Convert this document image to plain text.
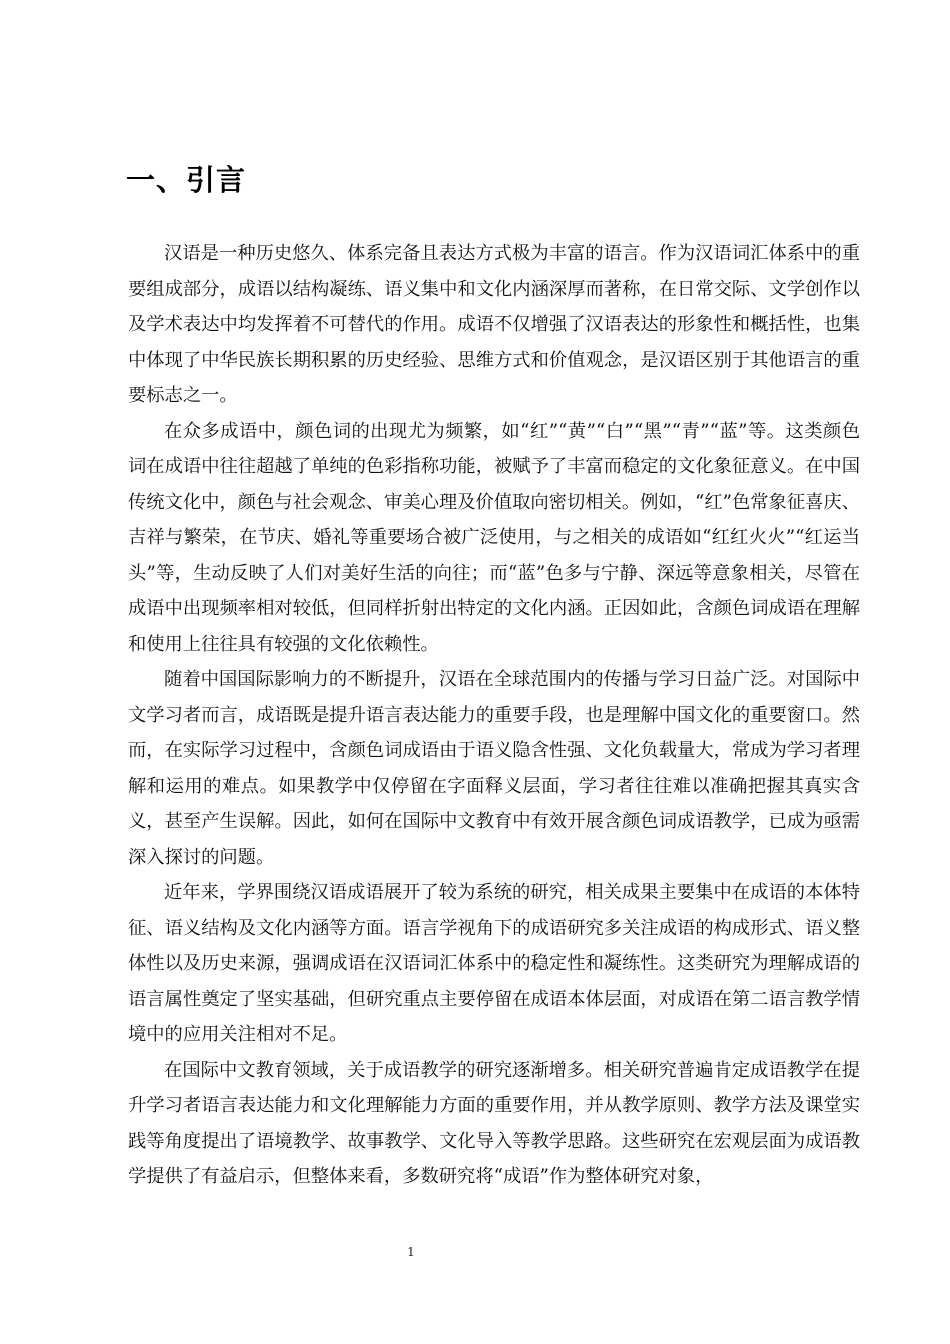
一、引言

汉语是一种历史悠久、体系完备且表达方式极为丰富的语言。作为汉语词汇体系中的重要组成部分，成语以结构凝练、语义集中和文化内涵深厚而著称，在日常交际、文学创作以及学术表达中均发挥着不可替代的作用。成语不仅增强了汉语表达的形象性和概括性，也集中体现了中华民族长期积累的历史经验、思维方式和价值观念，是汉语区别于其他语言的重要标志之一。

在众多成语中，颜色词的出现尤为频繁，如“红”“黄”“白”“黑”“青”“蓝”等。这类颜色词在成语中往往超越了单纯的色彩指称功能，被赋予了丰富而稳定的文化象征意义。在中国传统文化中，颜色与社会观念、审美心理及价值取向密切相关。例如，“红”色常象征喜庆、吉祥与繁荣，在节庆、婚礼等重要场合被广泛使用，与之相关的成语如“红红火火”“红运当头”等，生动反映了人们对美好生活的向往；而“蓝”色多与宁静、深远等意象相关，尽管在成语中出现频率相对较低，但同样折射出特定的文化内涵。正因如此，含颜色词成语在理解和使用上往往具有较强的文化依赖性。

随着中国国际影响力的不断提升，汉语在全球范围内的传播与学习日益广泛。对国际中文学习者而言，成语既是提升语言表达能力的重要手段，也是理解中国文化的重要窗口。然而，在实际学习过程中，含颜色词成语由于语义隐含性强、文化负载量大，常成为学习者理解和运用的难点。如果教学中仅停留在字面释义层面，学习者往往难以准确把握其真实含义，甚至产生误解。因此，如何在国际中文教育中有效开展含颜色词成语教学，已成为亟需深入探讨的问题。

近年来，学界围绕汉语成语展开了较为系统的研究，相关成果主要集中在成语的本体特征、语义结构及文化内涵等方面。语言学视角下的成语研究多关注成语的构成形式、语义整体性以及历史来源，强调成语在汉语词汇体系中的稳定性和凝练性。这类研究为理解成语的语言属性奠定了坚实基础，但研究重点主要停留在成语本体层面，对成语在第二语言教学情境中的应用关注相对不足。

在国际中文教育领域，关于成语教学的研究逐渐增多。相关研究普遍肯定成语教学在提升学习者语言表达能力和文化理解能力方面的重要作用，并从教学原则、教学方法及课堂实践等角度提出了语境教学、故事教学、文化导入等教学思路。这些研究在宏观层面为成语教学提供了有益启示，但整体来看，多数研究将“成语”作为整体研究对象，

1
